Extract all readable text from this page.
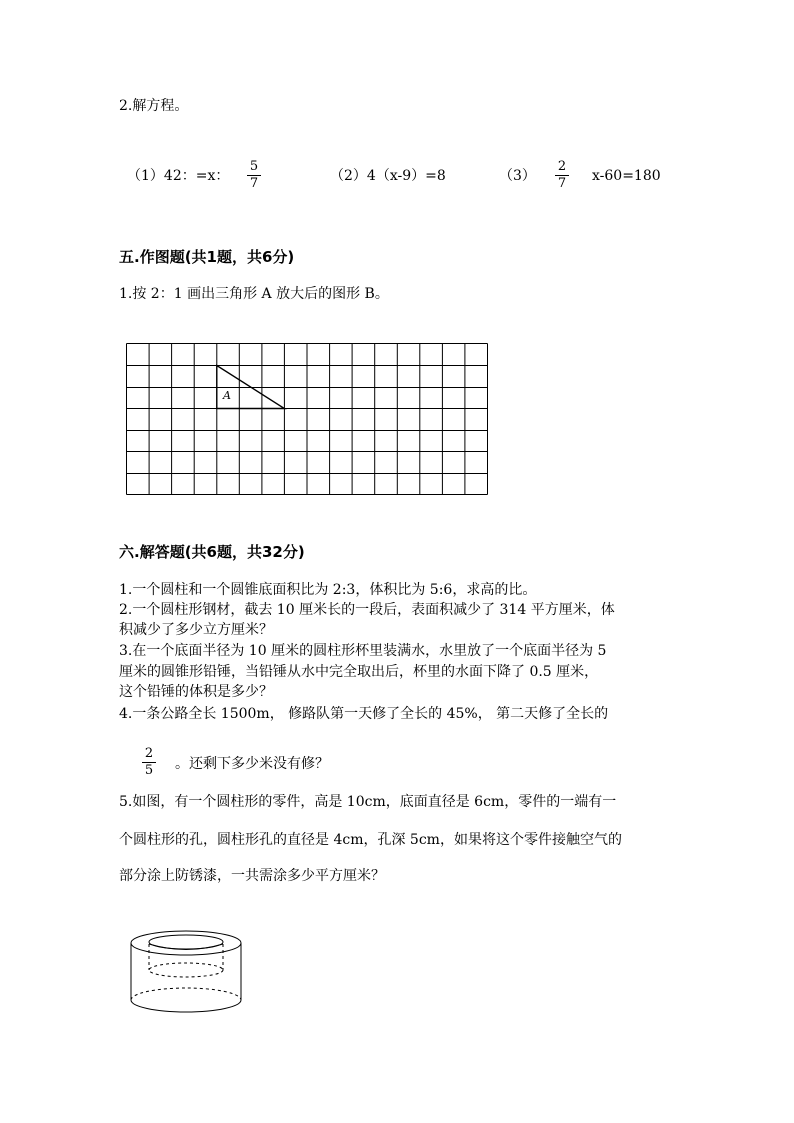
2.解方程。
（1）42：=x：
5
7	（2）4（x-9）=8	（3）
2
7 x-60=180
五.作图题(共1题，共6分)
1.按 2：1 画出三角形 A 放大后的图形 B。
A
六.解答题(共6题，共32分)
1.一个圆柱和一个圆锥底面积比为 2:3，体积比为 5:6，求高的比。
2.一个圆柱形钢材，截去 10 厘米长的一段后，表面积减少了 314 平方厘米，体
积减少了多少立方厘米？
3.在一个底面半径为 10 厘米的圆柱形杯里装满水，水里放了一个底面半径为 5
厘米的圆锥形铅锤，当铅锤从水中完全取出后，杯里的水面下降了 0.5 厘米，
这个铅锤的体积是多少？
4.一条公路全长 1500m， 修路队第一天修了全长的 45%， 第二天修了全长的
2
5 。还剩下多少米没有修？
5.如图，有一个圆柱形的零件，高是 10cm，底面直径是 6cm，零件的一端有一
个圆柱形的孔，圆柱形孔的直径是 4cm，孔深 5cm，如果将这个零件接触空气的
部分涂上防锈漆，一共需涂多少平方厘米？
